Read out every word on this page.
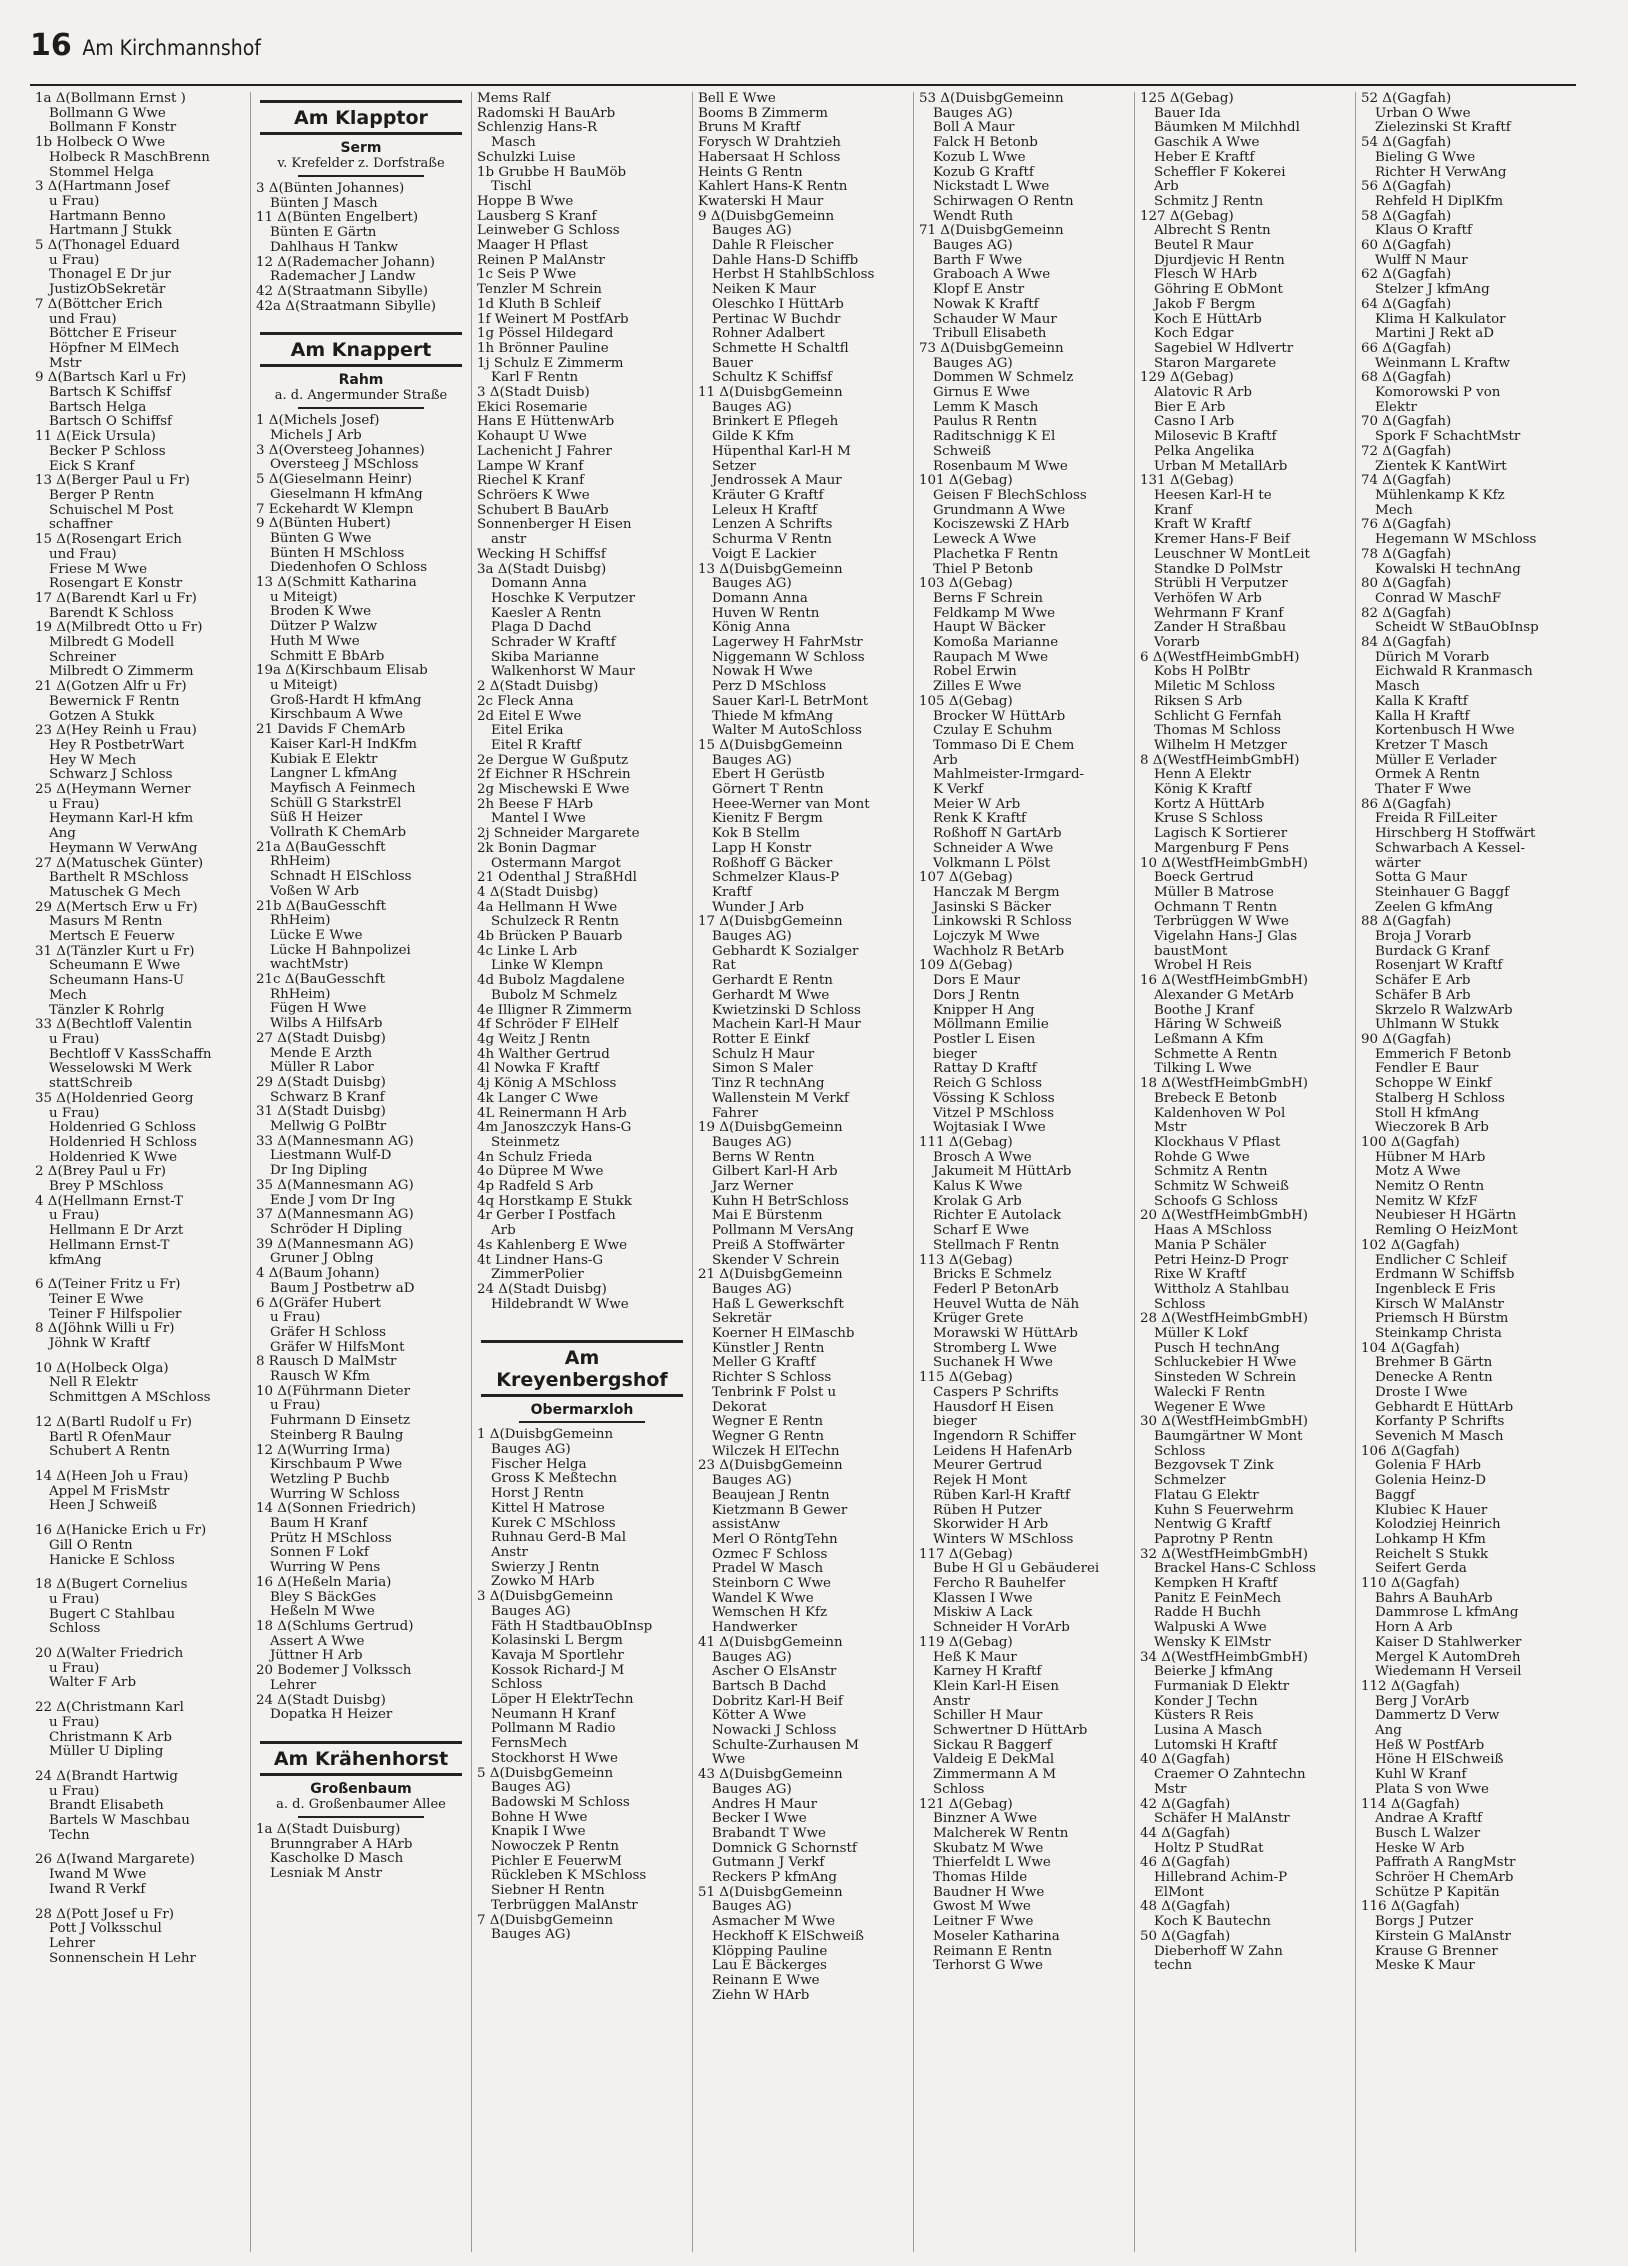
16 Am Kirchmannshof
1a Δ(Bollmann Ernst )
Bollmann G Wwe
Bollmann F Konstr
1b Holbeck O Wwe
Holbeck R MaschBrenn
Stommel Helga
3 Δ(Hartmann Josef
u Frau)
Hartmann Benno
Hartmann J Stukk
5 Δ(Thonagel Eduard
u Frau)
Thonagel E Dr jur
JustizObSekretär
7 Δ(Böttcher Erich
und Frau)
Böttcher E Friseur
Höpfner M ElMech
Mstr
9 Δ(Bartsch Karl u Fr)
Bartsch K Schiffsf
Bartsch Helga
Bartsch O Schiffsf
11 Δ(Eick Ursula)
Becker P Schloss
Eick S Kranf
13 Δ(Berger Paul u Fr)
Berger P Rentn
Schuischel M Post
schaffner
15 Δ(Rosengart Erich
und Frau)
Friese M Wwe
Rosengart E Konstr
17 Δ(Barendt Karl u Fr)
Barendt K Schloss
19 Δ(Milbredt Otto u Fr)
Milbredt G Modell
Schreiner
Milbredt O Zimmerm
21 Δ(Gotzen Alfr u Fr)
Bewernick F Rentn
Gotzen A Stukk
23 Δ(Hey Reinh u Frau)
Hey R PostbetrWart
Hey W Mech
Schwarz J Schloss
25 Δ(Heymann Werner
u Frau)
Heymann Karl-H kfm
Ang
Heymann W VerwAng
27 Δ(Matuschek Günter)
Barthelt R MSchloss
Matuschek G Mech
29 Δ(Mertsch Erw u Fr)
Masurs M Rentn
Mertsch E Feuerw
31 Δ(Tänzler Kurt u Fr)
Scheumann E Wwe
Scheumann Hans-U
Mech
Tänzler K Rohrlg
33 Δ(Bechtloff Valentin
u Frau)
Bechtloff V KassSchaffn
Wesselowski M Werk
stattSchreib
35 Δ(Holdenried Georg
u Frau)
Holdenried G Schloss
Holdenried H Schloss
Holdenried K Wwe
2 Δ(Brey Paul u Fr)
Brey P MSchloss
4 Δ(Hellmann Ernst-T
u Frau)
Hellmann E Dr Arzt
Hellmann Ernst-T
kfmAng
6 Δ(Teiner Fritz u Fr)
Teiner E Wwe
Teiner F Hilfspolier
8 Δ(Jöhnk Willi u Fr)
Jöhnk W Kraftf
10 Δ(Holbeck Olga)
Nell R Elektr
Schmittgen A MSchloss
12 Δ(Bartl Rudolf u Fr)
Bartl R OfenMaur
Schubert A Rentn
14 Δ(Heen Joh u Frau)
Appel M FrisMstr
Heen J Schweiß
16 Δ(Hanicke Erich u Fr)
Gill O Rentn
Hanicke E Schloss
18 Δ(Bugert Cornelius
u Frau)
Bugert C Stahlbau
Schloss
20 Δ(Walter Friedrich
u Frau)
Walter F Arb
22 Δ(Christmann Karl
u Frau)
Christmann K Arb
Müller U Dipling
24 Δ(Brandt Hartwig
u Frau)
Brandt Elisabeth
Bartels W Maschbau
Techn
26 Δ(Iwand Margarete)
Iwand M Wwe
Iwand R Verkf
28 Δ(Pott Josef u Fr)
Pott J Volksschul
Lehrer
Sonnenschein H Lehr
Am Klapptor
Serm
v. Krefelder z. Dorfstraße
3 Δ(Bünten Johannes)
Bünten J Masch
11 Δ(Bünten Engelbert)
Bünten E Gärtn
Dahlhaus H Tankw
12 Δ(Rademacher Johann)
Rademacher J Landw
42 Δ(Straatmann Sibylle)
42a Δ(Straatmann Sibylle)
Am Knappert
Rahm
a. d. Angermunder Straße
1 Δ(Michels Josef)
Michels J Arb
3 Δ(Oversteeg Johannes)
Oversteeg J MSchloss
5 Δ(Gieselmann Heinr)
Gieselmann H kfmAng
7 Eckehardt W Klempn
9 Δ(Bünten Hubert)
Bünten G Wwe
Bünten H MSchloss
Diedenhofen O Schloss
13 Δ(Schmitt Katharina
u Miteigt)
Broden K Wwe
Dützer P Walzw
Huth M Wwe
Schmitt E BbArb
19a Δ(Kirschbaum Elisab
u Miteigt)
Groß-Hardt H kfmAng
Kirschbaum A Wwe
21 Davids F ChemArb
Kaiser Karl-H IndKfm
Kubiak E Elektr
Langner L kfmAng
Mayfisch A Feinmech
Schüll G StarkstrEl
Süß H Heizer
Vollrath K ChemArb
21a Δ(BauGesschft
RhHeim)
Schnadt H ElSchloss
Voßen W Arb
21b Δ(BauGesschft
RhHeim)
Lücke E Wwe
Lücke H Bahnpolizei
wachtMstr)
21c Δ(BauGesschft
RhHeim)
Fügen H Wwe
Wilbs A HilfsArb
27 Δ(Stadt Duisbg)
Mende E Arzth
Müller R Labor
29 Δ(Stadt Duisbg)
Schwarz B Kranf
31 Δ(Stadt Duisbg)
Mellwig G PolBtr
33 Δ(Mannesmann AG)
Liestmann Wulf-D
Dr Ing Dipling
35 Δ(Mannesmann AG)
Ende J vom Dr Ing
37 Δ(Mannesmann AG)
Schröder H Dipling
39 Δ(Mannesmann AG)
Gruner J Oblng
4 Δ(Baum Johann)
Baum J Postbetrw aD
6 Δ(Gräfer Hubert
u Frau)
Gräfer H Schloss
Gräfer W HilfsMont
8 Rausch D MalMstr
Rausch W Kfm
10 Δ(Führmann Dieter
u Frau)
Fuhrmann D Einsetz
Steinberg R Baulng
12 Δ(Wurring Irma)
Kirschbaum P Wwe
Wetzling P Buchb
Wurring W Schloss
14 Δ(Sonnen Friedrich)
Baum H Kranf
Prütz H MSchloss
Sonnen F Lokf
Wurring W Pens
16 Δ(Heßeln Maria)
Bley S BäckGes
Heßeln M Wwe
18 Δ(Schlums Gertrud)
Assert A Wwe
Jüttner H Arb
20 Bodemer J Volkssch
Lehrer
24 Δ(Stadt Duisbg)
Dopatka H Heizer
Am Krähenhorst
Großenbaum
a. d. Großenbaumer Allee
1a Δ(Stadt Duisburg)
Brunngraber A HArb
Kascholke D Masch
Lesniak M Anstr
Mems Ralf
Radomski H BauArb
Schlenzig Hans-R
Masch
Schulzki Luise
1b Grubbe H BauMöb
Tischl
Hoppe B Wwe
Lausberg S Kranf
Leinweber G Schloss
Maager H Pflast
Reinen P MalAnstr
1c Seis P Wwe
Tenzler M Schrein
1d Kluth B Schleif
1f Weinert M PostfArb
1g Pössel Hildegard
1h Brönner Pauline
1j Schulz E Zimmerm
Karl F Rentn
3 Δ(Stadt Duisb)
Ekici Rosemarie
Hans E HüttenwArb
Kohaupt U Wwe
Lachenicht J Fahrer
Lampe W Kranf
Riechel K Kranf
Schröers K Wwe
Schubert B BauArb
Sonnenberger H Eisen
anstr
Wecking H Schiffsf
3a Δ(Stadt Duisbg)
Domann Anna
Hoschke K Verputzer
Kaesler A Rentn
Plaga D Dachd
Schrader W Kraftf
Skiba Marianne
Walkenhorst W Maur
2 Δ(Stadt Duisbg)
2c Fleck Anna
2d Eitel E Wwe
Eitel Erika
Eitel R Kraftf
2e Dergue W Gußputz
2f Eichner R HSchrein
2g Mischewski E Wwe
2h Beese F HArb
Mantel I Wwe
2j Schneider Margarete
2k Bonin Dagmar
Ostermann Margot
21 Odenthal J StraßHdl
4 Δ(Stadt Duisbg)
4a Hellmann H Wwe
Schulzeck R Rentn
4b Brücken P Bauarb
4c Linke L Arb
Linke W Klempn
4d Bubolz Magdalene
Bubolz M Schmelz
4e Illigner R Zimmerm
4f Schröder F ElHelf
4g Weitz J Rentn
4h Walther Gertrud
4l Nowka F Kraftf
4j König A MSchloss
4k Langer C Wwe
4L Reinermann H Arb
4m Janoszczyk Hans-G
Steinmetz
4n Schulz Frieda
4o Düpree M Wwe
4p Radfeld S Arb
4q Horstkamp E Stukk
4r Gerber I Postfach
Arb
4s Kahlenberg E Wwe
4t Lindner Hans-G
ZimmerPolier
24 Δ(Stadt Duisbg)
Hildebrandt W Wwe
Am Kreyenbergshof
Obermarxloh
1 Δ(DuisbgGemeinn
Bauges AG)
Fischer Helga
Gross K Meßtechn
Horst J Rentn
Kittel H Matrose
Kurek C MSchloss
Ruhnau Gerd-B Mal
Anstr
Swierzy J Rentn
Zowko M HArb
3 Δ(DuisbgGemeinn
Bauges AG)
Fäth H StadtbauObInsp
Kolasinski L Bergm
Kavaja M Sportlehr
Kossok Richard-J M
Schloss
Löper H ElektrTechn
Neumann H Kranf
Pollmann M Radio
FernsMech
Stockhorst H Wwe
5 Δ(DuisbgGemeinn
Bauges AG)
Badowski M Schloss
Bohne H Wwe
Knapik I Wwe
Nowoczek P Rentn
Pichler E FeuerwM
Rückleben K MSchloss
Siebner H Rentn
Terbrüggen MalAnstr
7 Δ(DuisbgGemeinn
Bauges AG)
Bell E Wwe
Booms B Zimmerm
Bruns M Kraftf
Forysch W Drahtzieh
Habersaat H Schloss
Heints G Rentn
Kahlert Hans-K Rentn
Kwaterski H Maur
9 Δ(DuisbgGemeinn
Bauges AG)
Dahle R Fleischer
Dahle Hans-D Schiffb
Herbst H StahlbSchloss
Neiken K Maur
Oleschko I HüttArb
Pertinac W Buchdr
Rohner Adalbert
Schmette H Schaltfl
Bauer
Schultz K Schiffsf
11 Δ(DuisbgGemeinn
Bauges AG)
Brinkert E Pflegeh
Gilde K Kfm
Hüpenthal Karl-H M
Setzer
Jendrossek A Maur
Kräuter G Kraftf
Leleux H Kraftf
Lenzen A Schrifts
Schurma V Rentn
Voigt E Lackier
13 Δ(DuisbgGemeinn
Bauges AG)
Domann Anna
Huven W Rentn
König Anna
Lagerwey H FahrMstr
Niggemann W Schloss
Nowak H Wwe
Perz D MSchloss
Sauer Karl-L BetrMont
Thiede M kfmAng
Walter M AutoSchloss
15 Δ(DuisbgGemeinn
Bauges AG)
Ebert H Gerüstb
Görnert T Rentn
Heee-Werner van Mont
Kienitz F Bergm
Kok B Stellm
Lapp H Konstr
Roßhoff G Bäcker
Schmelzer Klaus-P
Kraftf
Wunder J Arb
17 Δ(DuisbgGemeinn
Bauges AG)
Gebhardt K Sozialger
Rat
Gerhardt E Rentn
Gerhardt M Wwe
Kwietzinski D Schloss
Machein Karl-H Maur
Rotter E Einkf
Schulz H Maur
Simon S Maler
Tinz R technAng
Wallenstein M Verkf
Fahrer
19 Δ(DuisbgGemeinn
Bauges AG)
Berns W Rentn
Gilbert Karl-H Arb
Jarz Werner
Kuhn H BetrSchloss
Mai E Bürstenm
Pollmann M VersAng
Preiß A Stoffwärter
Skender V Schrein
21 Δ(DuisbgGemeinn
Bauges AG)
Haß L Gewerkschft
Sekretär
Koerner H ElMaschb
Künstler J Rentn
Meller G Kraftf
Richter S Schloss
Tenbrink F Polst u
Dekorat
Wegner E Rentn
Wegner G Rentn
Wilczek H ElTechn
23 Δ(DuisbgGemeinn
Bauges AG)
Beaujean J Rentn
Kietzmann B Gewer
assistAnw
Merl O RöntgTehn
Ozmec F Schloss
Pradel W Masch
Steinborn C Wwe
Wandel K Wwe
Wemschen H Kfz
Handwerker
41 Δ(DuisbgGemeinn
Bauges AG)
Ascher O ElsAnstr
Bartsch B Dachd
Dobritz Karl-H Beif
Kötter A Wwe
Nowacki J Schloss
Schulte-Zurhausen M
Wwe
43 Δ(DuisbgGemeinn
Bauges AG)
Andres H Maur
Becker I Wwe
Brabandt T Wwe
Domnick G Schornstf
Gutmann J Verkf
Reckers P kfmAng
51 Δ(DuisbgGemeinn
Bauges AG)
Asmacher M Wwe
Heckhoff K ElSchweiß
Klöpping Pauline
Lau E Bäckerges
Reinann E Wwe
Ziehn W HArb
53 Δ(DuisbgGemeinn
Bauges AG)
Boll A Maur
Falck H Betonb
Kozub L Wwe
Kozub G Kraftf
Nickstadt L Wwe
Schirwagen O Rentn
Wendt Ruth
71 Δ(DuisbgGemeinn
Bauges AG)
Barth F Wwe
Graboach A Wwe
Klopf E Anstr
Nowak K Kraftf
Schauder W Maur
Tribull Elisabeth
73 Δ(DuisbgGemeinn
Bauges AG)
Dommen W Schmelz
Girnus E Wwe
Lemm K Masch
Paulus R Rentn
Raditschnigg K El
Schweiß
Rosenbaum M Wwe
101 Δ(Gebag)
Geisen F BlechSchloss
Grundmann A Wwe
Kociszewski Z HArb
Leweck A Wwe
Plachetka F Rentn
Thiel P Betonb
103 Δ(Gebag)
Berns F Schrein
Feldkamp M Wwe
Haupt W Bäcker
Komoßa Marianne
Raupach M Wwe
Robel Erwin
Zilles E Wwe
105 Δ(Gebag)
Brocker W HüttArb
Czulay E Schuhm
Tommaso Di E Chem
Arb
Mahlmeister-Irmgard-
K Verkf
Meier W Arb
Renk K Kraftf
Roßhoff N GartArb
Schneider A Wwe
Volkmann L Pölst
107 Δ(Gebag)
Hanczak M Bergm
Jasinski S Bäcker
Linkowski R Schloss
Lojczyk M Wwe
Wachholz R BetArb
109 Δ(Gebag)
Dors E Maur
Dors J Rentn
Knipper H Ang
Möllmann Emilie
Postler L Eisen
bieger
Rattay D Kraftf
Reich G Schloss
Vössing K Schloss
Vitzel P MSchloss
Wojtasiak I Wwe
111 Δ(Gebag)
Brosch A Wwe
Jakumeit M HüttArb
Kalus K Wwe
Krolak G Arb
Richter E Autolack
Scharf E Wwe
Stellmach F Rentn
113 Δ(Gebag)
Bricks E Schmelz
Federl P BetonArb
Heuvel Wutta de Näh
Krüger Grete
Morawski W HüttArb
Stromberg L Wwe
Suchanek H Wwe
115 Δ(Gebag)
Caspers P Schrifts
Hausdorf H Eisen
bieger
Ingendorn R Schiffer
Leidens H HafenArb
Meurer Gertrud
Rejek H Mont
Rüben Karl-H Kraftf
Rüben H Putzer
Skorwider H Arb
Winters W MSchloss
117 Δ(Gebag)
Bube H Gl u Gebäuderei
Fercho R Bauhelfer
Klassen I Wwe
Miskiw A Lack
Schneider H VorArb
119 Δ(Gebag)
Heß K Maur
Karney H Kraftf
Klein Karl-H Eisen
Anstr
Schiller H Maur
Schwertner D HüttArb
Sickau R Baggerf
Valdeig E DekMal
Zimmermann A M
Schloss
121 Δ(Gebag)
Binzner A Wwe
Malcherek W Rentn
Skubatz M Wwe
Thierfeldt L Wwe
Thomas Hilde
Baudner H Wwe
Gwost M Wwe
Leitner F Wwe
Moseler Katharina
Reimann E Rentn
Terhorst G Wwe
125 Δ(Gebag)
Bauer Ida
Bäumken M Milchhdl
Gaschik A Wwe
Heber E Kraftf
Scheffler F Kokerei
Arb
Schmitz J Rentn
127 Δ(Gebag)
Albrecht S Rentn
Beutel R Maur
Djurdjevic H Rentn
Flesch W HArb
Göhring E ObMont
Jakob F Bergm
Koch E HüttArb
Koch Edgar
Sagebiel W Hdlvertr
Staron Margarete
129 Δ(Gebag)
Alatovic R Arb
Bier E Arb
Casno I Arb
Milosevic B Kraftf
Pelka Angelika
Urban M MetallArb
131 Δ(Gebag)
Heesen Karl-H te
Kranf
Kraft W Kraftf
Kremer Hans-F Beif
Leuschner W MontLeit
Standke D PolMstr
Strübli H Verputzer
Verhöfen W Arb
Wehrmann F Kranf
Zander H Straßbau
Vorarb
6 Δ(WestfHeimbGmbH)
Kobs H PolBtr
Miletic M Schloss
Riksen S Arb
Schlicht G Fernfah
Thomas M Schloss
Wilhelm H Metzger
8 Δ(WestfHeimbGmbH)
Henn A Elektr
König K Kraftf
Kortz A HüttArb
Kruse S Schloss
Lagisch K Sortierer
Margenburg F Pens
10 Δ(WestfHeimbGmbH)
Boeck Gertrud
Müller B Matrose
Ochmann T Rentn
Terbrüggen W Wwe
Vigelahn Hans-J Glas
baustMont
Wrobel H Reis
16 Δ(WestfHeimbGmbH)
Alexander G MetArb
Boothe J Kranf
Häring W Schweiß
Leßmann A Kfm
Schmette A Rentn
Tilking L Wwe
18 Δ(WestfHeimbGmbH)
Brebeck E Betonb
Kaldenhoven W Pol
Mstr
Klockhaus V Pflast
Rohde G Wwe
Schmitz A Rentn
Schmitz W Schweiß
Schoofs G Schloss
20 Δ(WestfHeimbGmbH)
Haas A MSchloss
Mania P Schäler
Petri Heinz-D Progr
Rixe W Kraftf
Wittholz A Stahlbau
Schloss
28 Δ(WestfHeimbGmbH)
Müller K Lokf
Pusch H technAng
Schluckebier H Wwe
Sinsteden W Schrein
Walecki F Rentn
Wegener E Wwe
30 Δ(WestfHeimbGmbH)
Baumgärtner W Mont
Schloss
Bezgovsek T Zink
Schmelzer
Flatau G Elektr
Kuhn S Feuerwehrm
Nentwig G Kraftf
Paprotny P Rentn
32 Δ(WestfHeimbGmbH)
Brackel Hans-C Schloss
Kempken H Kraftf
Panitz E FeinMech
Radde H Buchh
Walpuski A Wwe
Wensky K ElMstr
34 Δ(WestfHeimbGmbH)
Beierke J kfmAng
Furmaniak D Elektr
Konder J Techn
Küsters R Reis
Lusina A Masch
Lutomski H Kraftf
40 Δ(Gagfah)
Craemer O Zahntechn
Mstr
42 Δ(Gagfah)
Schäfer H MalAnstr
44 Δ(Gagfah)
Holtz P StudRat
46 Δ(Gagfah)
Hillebrand Achim-P
ElMont
48 Δ(Gagfah)
Koch K Bautechn
50 Δ(Gagfah)
Dieberhoff W Zahn
techn
52 Δ(Gagfah)
Urban O Wwe
Zielezinski St Kraftf
54 Δ(Gagfah)
Bieling G Wwe
Richter H VerwAng
56 Δ(Gagfah)
Rehfeld H DiplKfm
58 Δ(Gagfah)
Klaus O Kraftf
60 Δ(Gagfah)
Wulff N Maur
62 Δ(Gagfah)
Stelzer J kfmAng
64 Δ(Gagfah)
Klima H Kalkulator
Martini J Rekt aD
66 Δ(Gagfah)
Weinmann L Kraftw
68 Δ(Gagfah)
Komorowski P von
Elektr
70 Δ(Gagfah)
Spork F SchachtMstr
72 Δ(Gagfah)
Zientek K KantWirt
74 Δ(Gagfah)
Mühlenkamp K Kfz
Mech
76 Δ(Gagfah)
Hegemann W MSchloss
78 Δ(Gagfah)
Kowalski H technAng
80 Δ(Gagfah)
Conrad W MaschF
82 Δ(Gagfah)
Scheidt W StBauObInsp
84 Δ(Gagfah)
Dürich M Vorarb
Eichwald R Kranmasch
Masch
Kalla K Kraftf
Kalla H Kraftf
Kortenbusch H Wwe
Kretzer T Masch
Müller E Verlader
Ormek A Rentn
Thater F Wwe
86 Δ(Gagfah)
Freida R FilLeiter
Hirschberg H Stoffwärt
Schwarbach A Kessel-
wärter
Sotta G Maur
Steinhauer G Baggf
Zeelen G kfmAng
88 Δ(Gagfah)
Broja J Vorarb
Burdack G Kranf
Rosenjart W Kraftf
Schäfer E Arb
Schäfer B Arb
Skrzelo R WalzwArb
Uhlmann W Stukk
90 Δ(Gagfah)
Emmerich F Betonb
Fendler E Baur
Schoppe W Einkf
Stalberg H Schloss
Stoll H kfmAng
Wieczorek B Arb
100 Δ(Gagfah)
Hübner M HArb
Motz A Wwe
Nemitz O Rentn
Nemitz W KfzF
Neubieser H HGärtn
Remling O HeizMont
102 Δ(Gagfah)
Endlicher C Schleif
Erdmann W Schiffsb
Ingenbleck E Fris
Kirsch W MalAnstr
Priemsch H Bürstm
Steinkamp Christa
104 Δ(Gagfah)
Brehmer B Gärtn
Denecke A Rentn
Droste I Wwe
Gebhardt E HüttArb
Korfanty P Schrifts
Sevenich M Masch
106 Δ(Gagfah)
Golenia F HArb
Golenia Heinz-D
Baggf
Klubiec K Hauer
Kolodziej Heinrich
Lohkamp H Kfm
Reichelt S Stukk
Seifert Gerda
110 Δ(Gagfah)
Bahrs A BauhArb
Dammrose L kfmAng
Horn A Arb
Kaiser D Stahlwerker
Mergel K AutomDreh
Wiedemann H Verseil
112 Δ(Gagfah)
Berg J VorArb
Dammertz D Verw
Ang
Heß W PostfArb
Höne H ElSchweiß
Kuhl W Kranf
Plata S von Wwe
114 Δ(Gagfah)
Andrae A Kraftf
Busch L Walzer
Heske W Arb
Paffrath A RangMstr
Schröer H ChemArb
Schütze P Kapitän
116 Δ(Gagfah)
Borgs J Putzer
Kirstein G MalAnstr
Krause G Brenner
Meske K Maur
